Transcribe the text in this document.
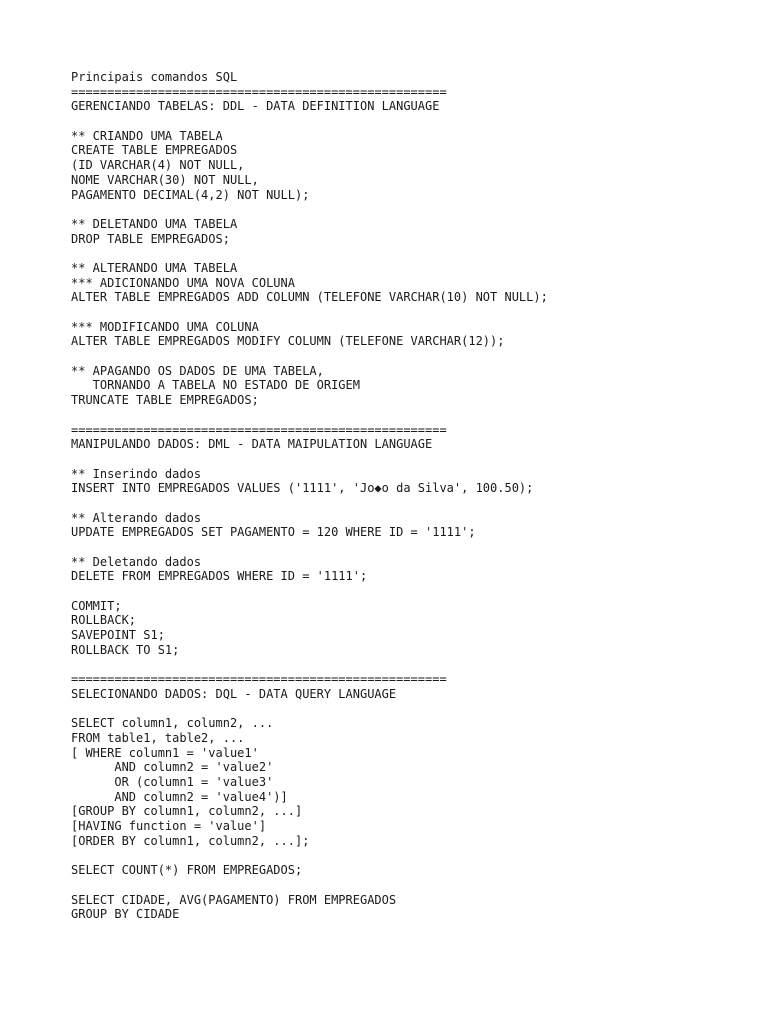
Principais comandos SQL
====================================================
GERENCIANDO TABELAS: DDL - DATA DEFINITION LANGUAGE
** CRIANDO UMA TABELA
CREATE TABLE EMPREGADOS
(ID VARCHAR(4) NOT NULL,
NOME VARCHAR(30) NOT NULL,
PAGAMENTO DECIMAL(4,2) NOT NULL);
** DELETANDO UMA TABELA
DROP TABLE EMPREGADOS;
** ALTERANDO UMA TABELA
*** ADICIONANDO UMA NOVA COLUNA
ALTER TABLE EMPREGADOS ADD COLUMN (TELEFONE VARCHAR(10) NOT NULL);
*** MODIFICANDO UMA COLUNA
ALTER TABLE EMPREGADOS MODIFY COLUMN (TELEFONE VARCHAR(12));
** APAGANDO OS DADOS DE UMA TABELA,
TORNANDO A TABELA NO ESTADO DE ORIGEM
TRUNCATE TABLE EMPREGADOS;
====================================================
MANIPULANDO DADOS: DML - DATA MAIPULATION LANGUAGE
** Inserindo dados
INSERT INTO EMPREGADOS VALUES ('1111', 'Jo◆o da Silva', 100.50);
** Alterando dados
UPDATE EMPREGADOS SET PAGAMENTO = 120 WHERE ID = '1111';
** Deletando dados
DELETE FROM EMPREGADOS WHERE ID = '1111';
COMMIT;
ROLLBACK;
SAVEPOINT S1;
ROLLBACK TO S1;
====================================================
SELECIONANDO DADOS: DQL - DATA QUERY LANGUAGE
SELECT column1, column2, ...
FROM table1, table2, ...
[ WHERE column1 = 'value1'
AND column2 = 'value2'
OR (column1 = 'value3'
AND column2 = 'value4')]
[GROUP BY column1, column2, ...]
[HAVING function = 'value']
[ORDER BY column1, column2, ...];
SELECT COUNT(*) FROM EMPREGADOS;
SELECT CIDADE, AVG(PAGAMENTO) FROM EMPREGADOS
GROUP BY CIDADE
